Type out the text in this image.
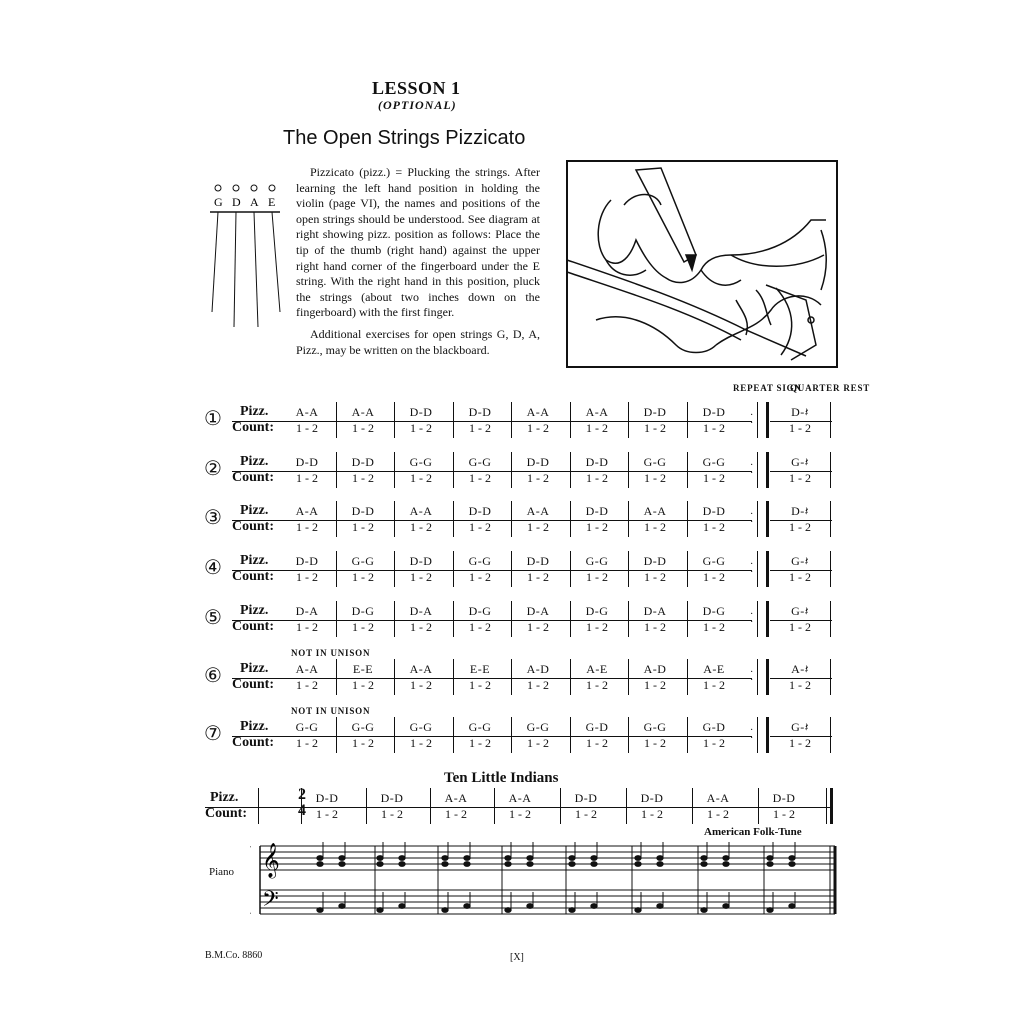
LESSON 1
(OPTIONAL)
The Open Strings Pizzicato
G D A E

Pizzicato (pizz.) = Plucking the strings. After learning the left hand position in holding the violin (page VI), the names and positions of the open strings should be understood. See diagram at right showing pizz. position as follows: Place the tip of the thumb (right hand) against the upper right hand corner of the fingerboard under the E string. With the right hand in this position, pluck the strings (about two inches down on the fingerboard) with the first finger.

Additional exercises for open strings G, D, A, Pizz., may be written on the blackboard.

REPEAT SIGN
QUARTER REST
① Pizz.
Count:
A-A
1 - 2
A-A
1 - 2
D-D
1 - 2
D-D
1 - 2
A-A
1 - 2
A-A
1 - 2
D-D
1 - 2
D-D
1 - 2
·
·
D-𝄽
1 - 2
② Pizz.
Count:
D-D
1 - 2
D-D
1 - 2
G-G
1 - 2
G-G
1 - 2
D-D
1 - 2
D-D
1 - 2
G-G
1 - 2
G-G
1 - 2
·
·
G-𝄽
1 - 2
③ Pizz.
Count:
A-A
1 - 2
D-D
1 - 2
A-A
1 - 2
D-D
1 - 2
A-A
1 - 2
D-D
1 - 2
A-A
1 - 2
D-D
1 - 2
·
·
D-𝄽
1 - 2
④ Pizz.
Count:
D-D
1 - 2
G-G
1 - 2
D-D
1 - 2
G-G
1 - 2
D-D
1 - 2
G-G
1 - 2
D-D
1 - 2
G-G
1 - 2
·
·
G-𝄽
1 - 2
⑤ Pizz.
Count:
D-A
1 - 2
D-G
1 - 2
D-A
1 - 2
D-G
1 - 2
D-A
1 - 2
D-G
1 - 2
D-A
1 - 2
D-G
1 - 2
·
·
G-𝄽
1 - 2
NOT IN UNISON
⑥ Pizz.
Count:
A-A
1 - 2
E-E
1 - 2
A-A
1 - 2
E-E
1 - 2
A-D
1 - 2
A-E
1 - 2
A-D
1 - 2
A-E
1 - 2
·
·
A-𝄽
1 - 2
NOT IN UNISON
⑦ Pizz.
Count:
G-G
1 - 2
G-G
1 - 2
G-G
1 - 2
G-G
1 - 2
G-G
1 - 2
G-D
1 - 2
G-G
1 - 2
G-D
1 - 2
·
·
G-𝄽
1 - 2
Ten Little Indians
Pizz.
Count:
2
4
D-D
1 - 2
D-D
1 - 2
A-A
1 - 2
A-A
1 - 2
D-D
1 - 2
D-D
1 - 2
A-A
1 - 2
D-D
1 - 2
American Folk-Tune
Piano 𝄞
𝄢
B.M.Co. 8860	[X]
